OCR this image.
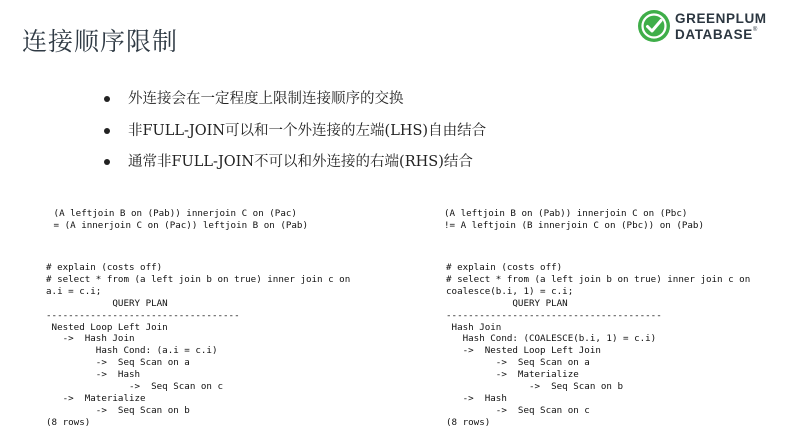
连接顺序限制
GREENPLUM
DATABASE®
外连接会在一定程度上限制连接顺序的交换
非FULL-JOIN可以和一个外连接的左端(LHS)自由结合
通常非FULL-JOIN不可以和外连接的右端(RHS)结合
(A leftjoin B on (Pab)) innerjoin C on (Pac)
= (A innerjoin C on (Pac)) leftjoin B on (Pab)
# explain (costs off)
# select * from (a left join b on true) inner join c on
a.i = c.i;
QUERY PLAN
-----------------------------------
Nested Loop Left Join
->  Hash Join
Hash Cond: (a.i = c.i)
->  Seq Scan on a
->  Hash
->  Seq Scan on c
->  Materialize
->  Seq Scan on b
(8 rows)
(A leftjoin B on (Pab)) innerjoin C on (Pbc)
!= A leftjoin (B innerjoin C on (Pbc)) on (Pab)
# explain (costs off)
# select * from (a left join b on true) inner join c on
coalesce(b.i, 1) = c.i;
QUERY PLAN
---------------------------------------
Hash Join
Hash Cond: (COALESCE(b.i, 1) = c.i)
->  Nested Loop Left Join
->  Seq Scan on a
->  Materialize
->  Seq Scan on b
->  Hash
->  Seq Scan on c
(8 rows)
